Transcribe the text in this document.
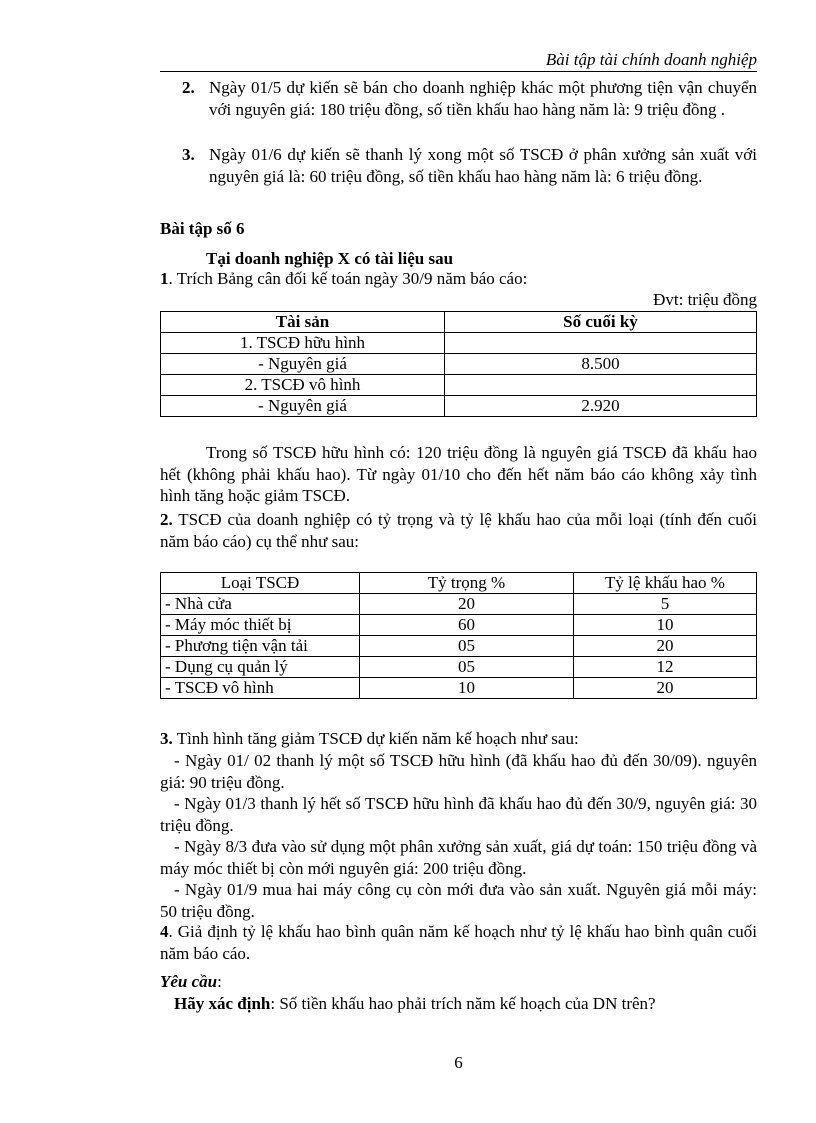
Bài tập tài chính doanh nghiệp
2. Ngày 01/5 dự kiến sẽ bán cho doanh nghiệp khác một phương tiện vận chuyển với nguyên giá: 180 triệu đồng, số tiền khấu hao hàng năm là: 9 triệu đồng .
3. Ngày 01/6 dự kiến sẽ thanh lý xong một số TSCĐ ở phân xưởng sản xuất với nguyên giá là: 60 triệu đồng, số tiền khấu hao hàng năm là: 6 triệu đồng.
Bài tập số 6
Tại doanh nghiệp X có tài liệu sau
1. Trích Bảng cân đối kế toán ngày 30/9 năm báo cáo:
Đvt: triệu đồng
Tài sản	Số cuối kỳ
1. TSCĐ hữu hình	
- Nguyên giá	8.500
2. TSCĐ vô hình	
- Nguyên giá	2.920
Trong số TSCĐ hữu hình có: 120 triệu đồng là nguyên giá TSCĐ đã khấu hao hết (không phải khấu hao). Từ ngày 01/10 cho đến hết năm báo cáo không xảy tình hình tăng hoặc giảm TSCĐ.
2. TSCĐ của doanh nghiệp có tỷ trọng và tỷ lệ khấu hao của mỗi loại (tính đến cuối năm báo cáo) cụ thể như sau:
Loại TSCĐ	Tỷ trọng %	Tỷ lệ khấu hao %
- Nhà cửa	20	5
- Máy móc thiết bị	60	10
- Phương tiện vận tải	05	20
- Dụng cụ quản lý	05	12
- TSCĐ vô hình	10	20
3. Tình hình tăng giảm TSCĐ dự kiến năm kế hoạch như sau:
- Ngày 01/ 02 thanh lý một số TSCĐ hữu hình (đã khấu hao đủ đến 30/09). nguyên giá: 90 triệu đồng.
- Ngày 01/3 thanh lý hết số TSCĐ hữu hình đã khấu hao đủ đến 30/9, nguyên giá: 30 triệu đồng.
- Ngày 8/3 đưa vào sử dụng một phân xưởng sản xuất, giá dự toán: 150 triệu đồng và máy móc thiết bị còn mới nguyên giá: 200 triệu đồng.
- Ngày 01/9 mua hai máy công cụ còn mới đưa vào sản xuất. Nguyên giá mỗi máy: 50 triệu đồng.
4. Giả định tỷ lệ khấu hao bình quân năm kế hoạch như tỷ lệ khấu hao bình quân cuối năm báo cáo.
Yêu cầu:
Hãy xác định: Số tiền khấu hao phải trích năm kế hoạch của DN trên?
6
